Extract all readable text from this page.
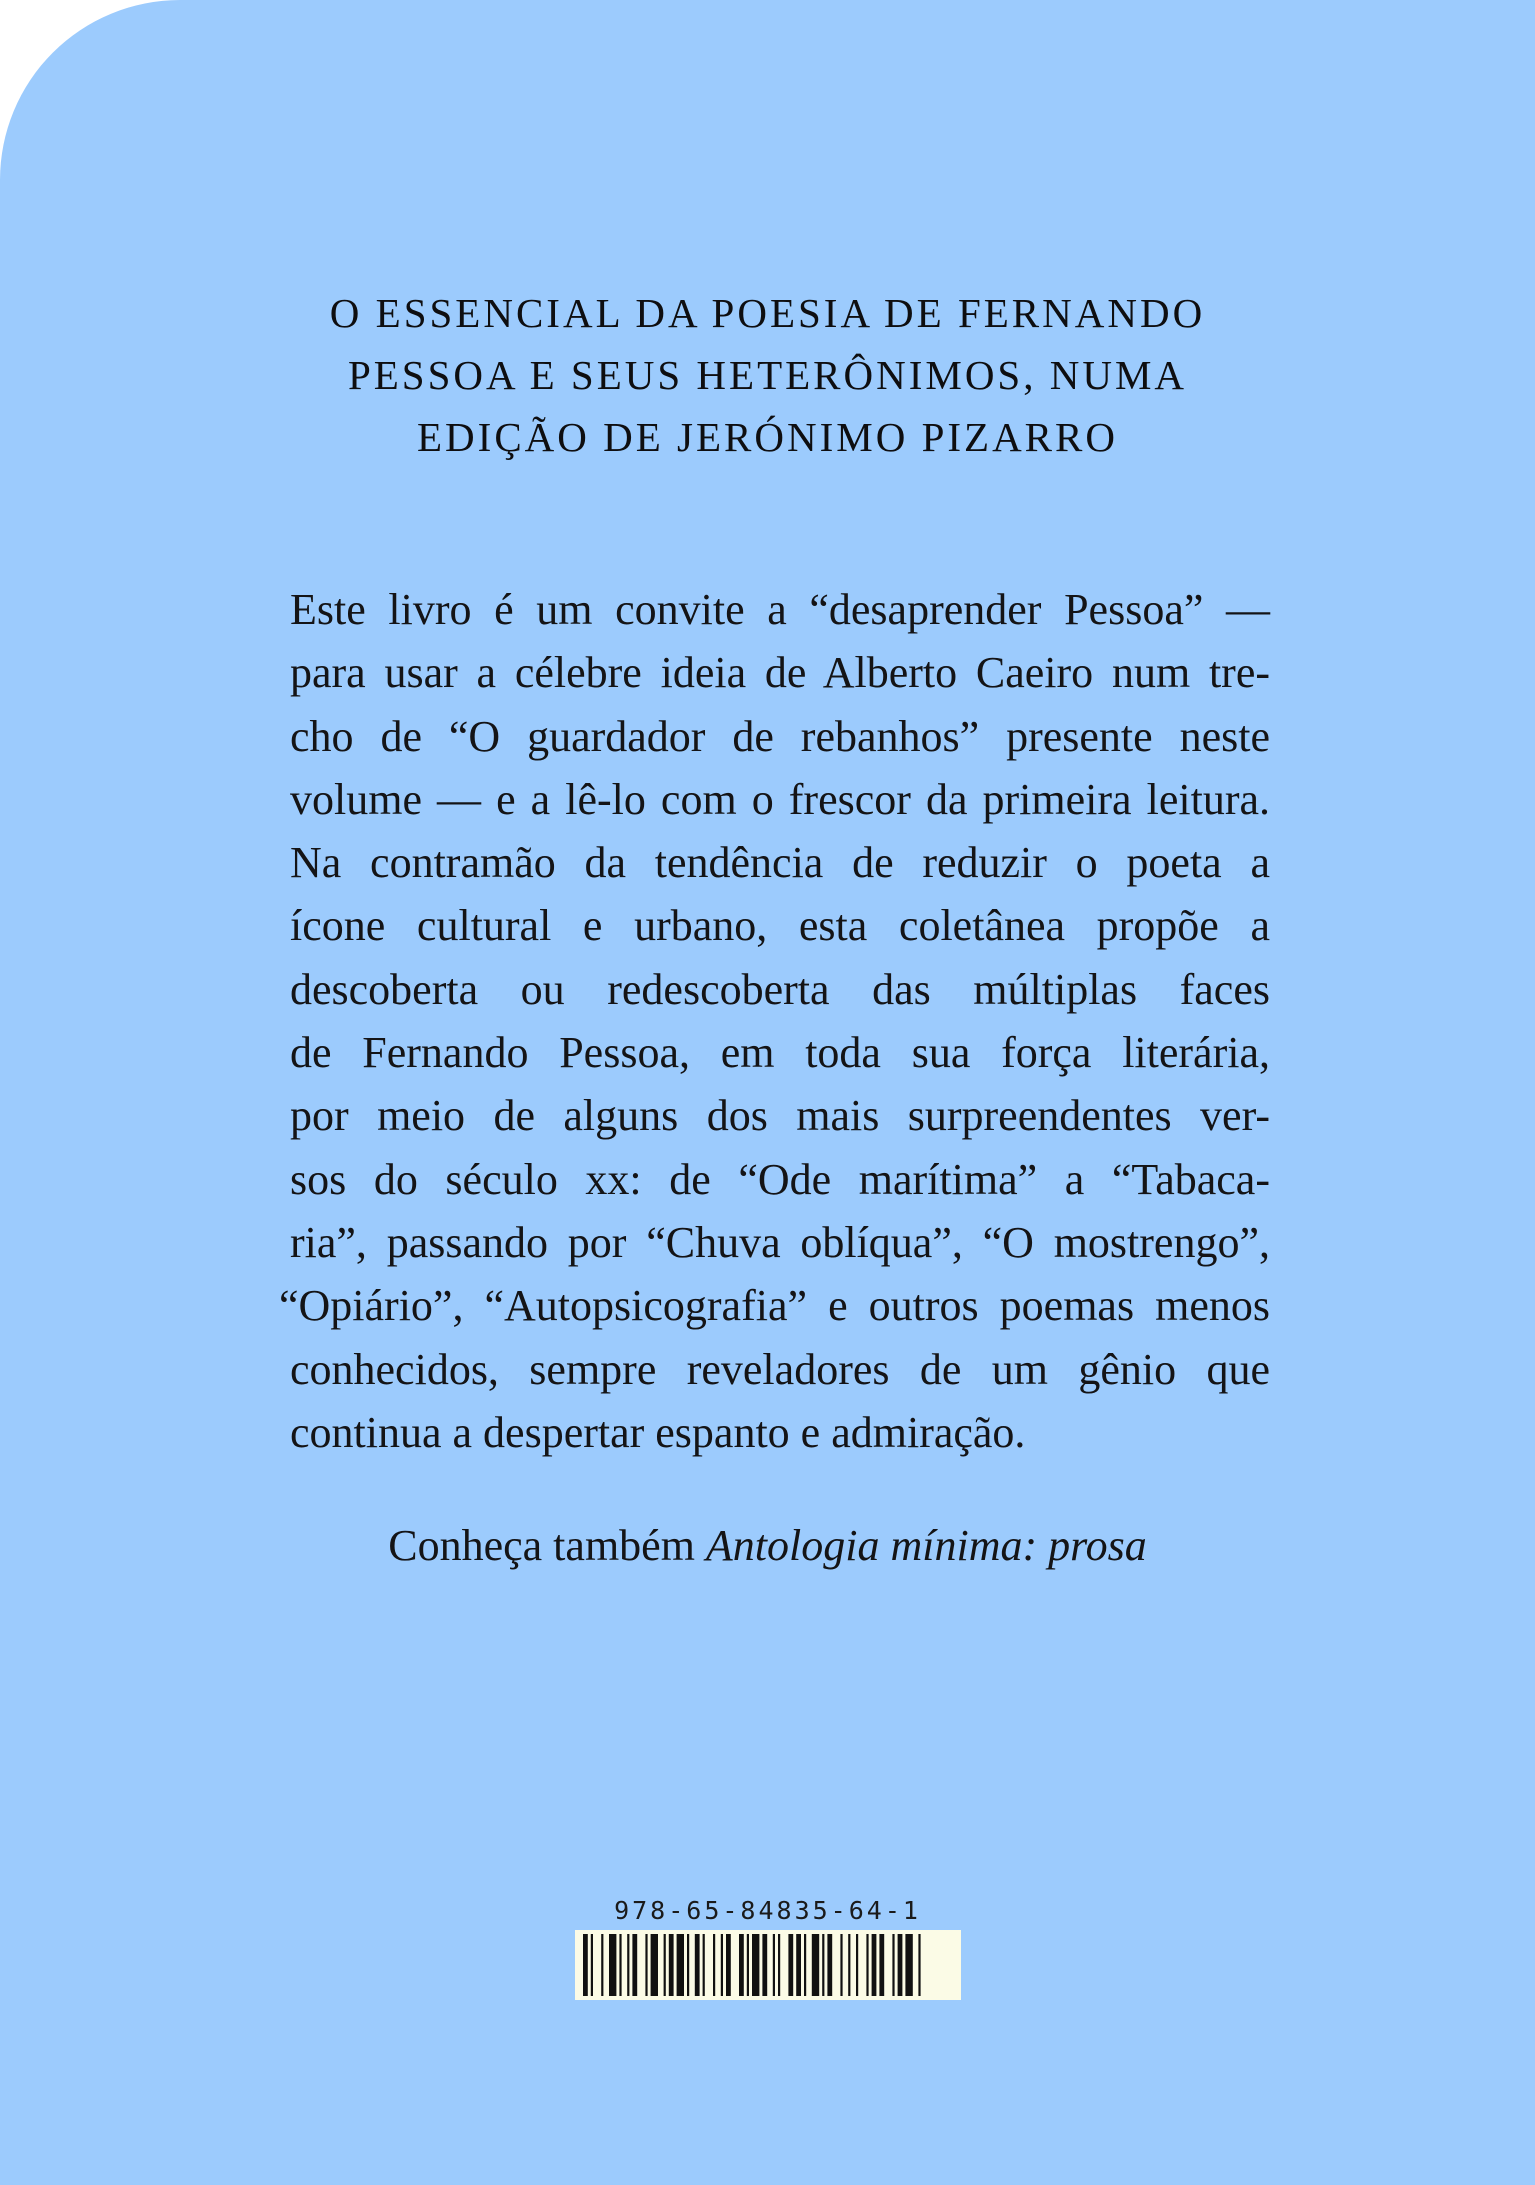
O ESSENCIAL DA POESIA DE FERNANDO
PESSOA E SEUS HETERÔNIMOS, NUMA
EDIÇÃO DE JERÓNIMO PIZARRO
Este livro é um convite a “desaprender Pessoa” —
para usar a célebre ideia de Alberto Caeiro num tre-
cho de “O guardador de rebanhos” presente neste
volume — e a lê-lo com o frescor da primeira leitura.
Na contramão da tendência de reduzir o poeta a
ícone cultural e urbano, esta coletânea propõe a
descoberta ou redescoberta das múltiplas faces
de Fernando Pessoa, em toda sua força literária,
por meio de alguns dos mais surpreendentes ver-
sos do século xx: de “Ode marítima” a “Tabaca-
ria”, passando por “Chuva oblíqua”, “O mostrengo”,
“Opiário”, “Autopsicografia” e outros poemas menos
conhecidos, sempre reveladores de um gênio que
continua a despertar espanto e admiração.
Conheça também Antologia mínima: prosa
978-65-84835-64-1
